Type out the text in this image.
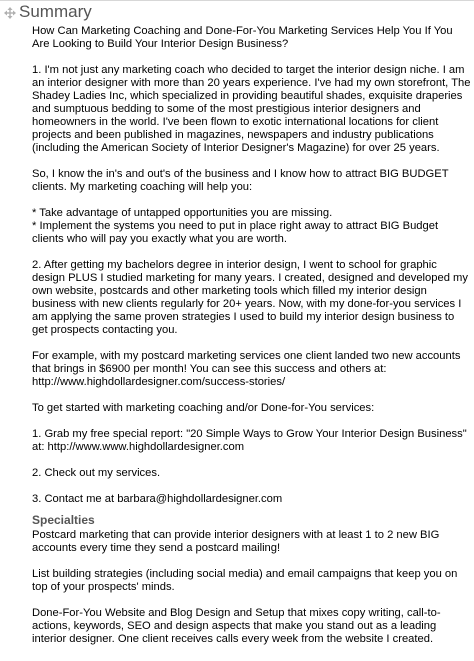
Summary

How Can Marketing Coaching and Done-For-You Marketing Services Help You If You Are Looking to Build Your Interior Design Business?

1. I'm not just any marketing coach who decided to target the interior design niche. I am an interior designer with more than 20 years experience. I've had my own storefront, The Shadey Ladies Inc, which specialized in providing beautiful shades, exquisite draperies and sumptuous bedding to some of the most prestigious interior designers and homeowners in the world. I've been flown to exotic international locations for client projects and been published in magazines, newspapers and industry publications (including the American Society of Interior Designer's Magazine) for over 25 years.

So, I know the in's and out's of the business and I know how to attract BIG BUDGET clients. My marketing coaching will help you:

* Take advantage of untapped opportunities you are missing.

* Implement the systems you need to put in place right away to attract BIG Budget clients who will pay you exactly what you are worth.

2. After getting my bachelors degree in interior design, I went to school for graphic design PLUS I studied marketing for many years. I created, designed and developed my own website, postcards and other marketing tools which filled my interior design business with new clients regularly for 20+ years. Now, with my done-for-you services I am applying the same proven strategies I used to build my interior design business to get prospects contacting you.

For example, with my postcard marketing services one client landed two new accounts that brings in $6900 per month! You can see this success and others at:
http://www.highdollardesigner.com/success-stories/

To get started with marketing coaching and/or Done-for-You services:

1. Grab my free special report: "20 Simple Ways to Grow Your Interior Design Business" at: http://www.www.highdollardesigner.com

2. Check out my services.

3. Contact me at barbara@highdollardesigner.com

Specialties

Postcard marketing that can provide interior designers with at least 1 to 2 new BIG accounts every time they send a postcard mailing!

List building strategies (including social media) and email campaigns that keep you on top of your prospects' minds.

Done-For-You Website and Blog Design and Setup that mixes copy writing, call-to-actions, keywords, SEO and design aspects that make you stand out as a leading interior designer. One client receives calls every week from the website I created.
